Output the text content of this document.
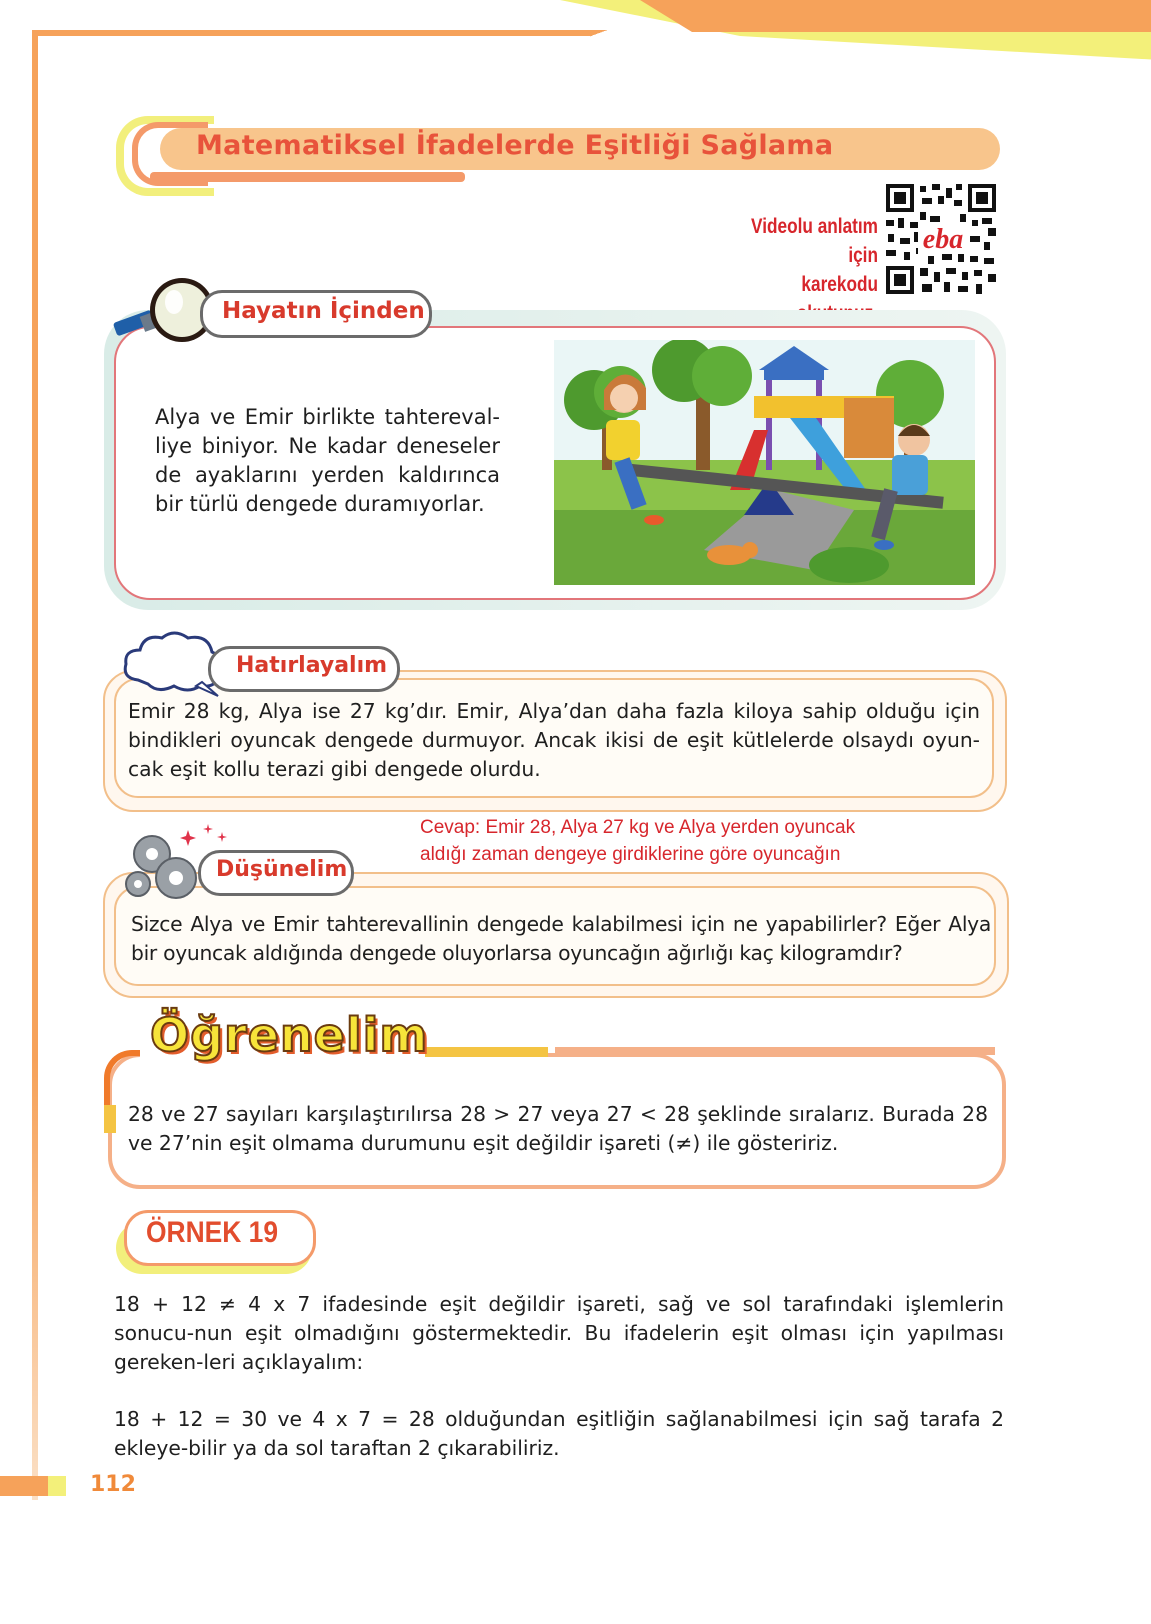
Matematiksel İfadelerde Eşitliği Sağlama
Videolu anlatım için
karekodu
eba
Hayatın İçinden
Alya ve Emir birlikte tahtereval-liye biniyor. Ne kadar deneseler de ayaklarını yerden kaldırınca bir türlü dengede duramıyorlar.
Hatırlayalım
Emir 28 kg, Alya ise 27 kg’dır. Emir, Alya’dan daha fazla kiloya sahip olduğu için bindikleri oyuncak dengede durmuyor. Ancak ikisi de eşit kütlelerde olsaydı oyun-cak eşit kollu terazi gibi dengede olurdu.
Cevap: Emir 28, Alya 27 kg ve Alya yerden oyuncak aldığı zaman dengeye girdiklerine göre oyuncağın
Düşünelim
Sizce Alya ve Emir tahterevallinin dengede kalabilmesi için ne yapabilirler? Eğer Alya bir oyuncak aldığında dengede oluyorlarsa oyuncağın ağırlığı kaç kilogramdır?
Öğrenelim
28 ve 27 sayıları karşılaştırılırsa 28 > 27 veya 27 < 28 şeklinde sıralarız. Burada 28 ve 27’nin eşit olmama durumunu eşit değildir işareti (≠) ile gösteririz.
ÖRNEK 19
18 + 12 ≠ 4 x 7 ifadesinde eşit değildir işareti, sağ ve sol tarafındaki işlemlerin sonucu-nun eşit olmadığını göstermektedir. Bu ifadelerin eşit olması için yapılması gereken-leri açıklayalım:
18 + 12 = 30 ve 4 x 7 = 28 olduğundan eşitliğin sağlanabilmesi için sağ tarafa 2 ekleye-bilir ya da sol taraftan 2 çıkarabiliriz.
112
